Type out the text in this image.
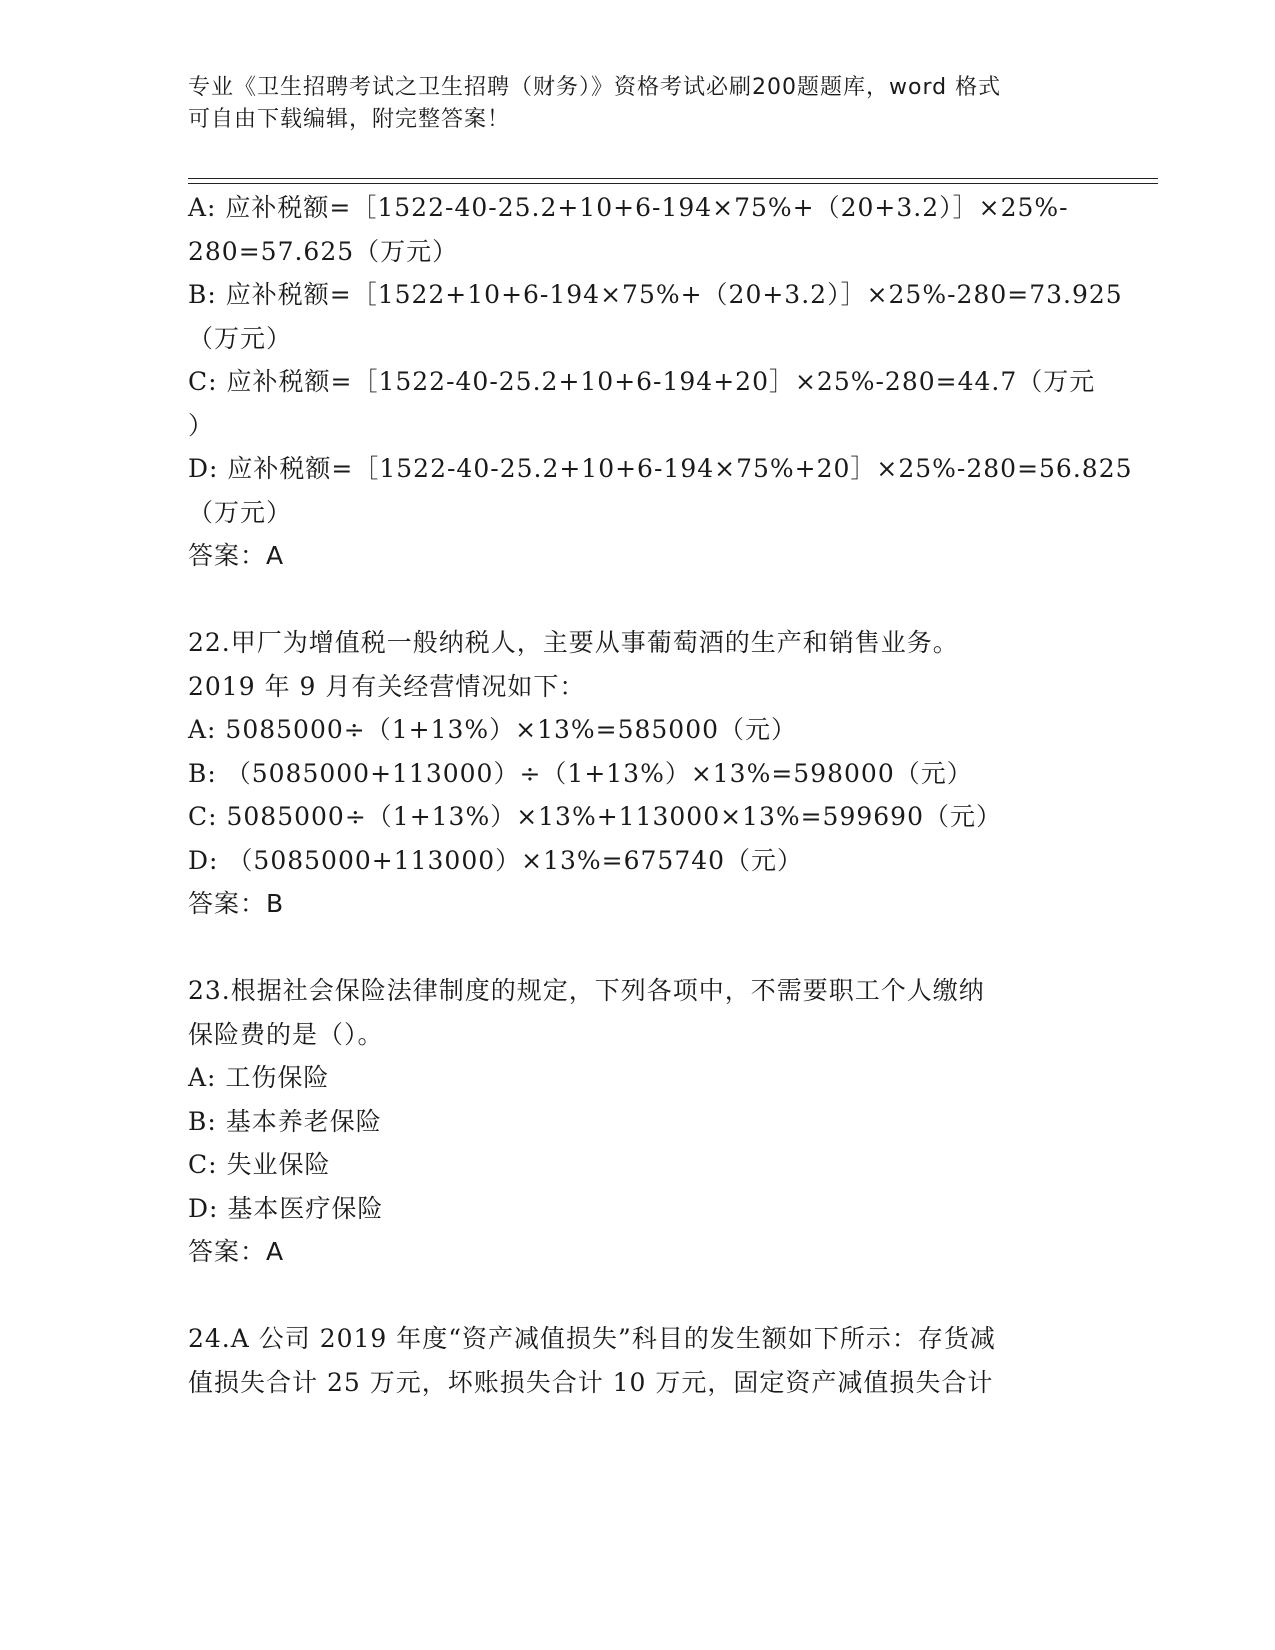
专业《卫生招聘考试之卫生招聘（财务）》资格考试必刷200题题库，word 格式
可自由下载编辑，附完整答案！
A: 应补税额=［1522-40-25.2+10+6-194×75%+（20+3.2）］×25%-
280=57.625（万元）
B: 应补税额=［1522+10+6-194×75%+（20+3.2）］×25%-280=73.925
（万元）
C: 应补税额=［1522-40-25.2+10+6-194+20］×25%-280=44.7（万元
）
D: 应补税额=［1522-40-25.2+10+6-194×75%+20］×25%-280=56.825
（万元）
答案：A
22.甲厂为增值税一般纳税人，主要从事葡萄酒的生产和销售业务。
2019 年 9 月有关经营情况如下：
A: 5085000÷（1+13%）×13%=585000（元）
B: （5085000+113000）÷（1+13%）×13%=598000（元）
C: 5085000÷（1+13%）×13%+113000×13%=599690（元）
D: （5085000+113000）×13%=675740（元）
答案：B
23.根据社会保险法律制度的规定，下列各项中，不需要职工个人缴纳
保险费的是（）。
A: 工伤保险
B: 基本养老保险
C: 失业保险
D: 基本医疗保险
答案：A
24.A 公司 2019 年度“资产减值损失”科目的发生额如下所示：存货减
值损失合计 25 万元，坏账损失合计 10 万元，固定资产减值损失合计
